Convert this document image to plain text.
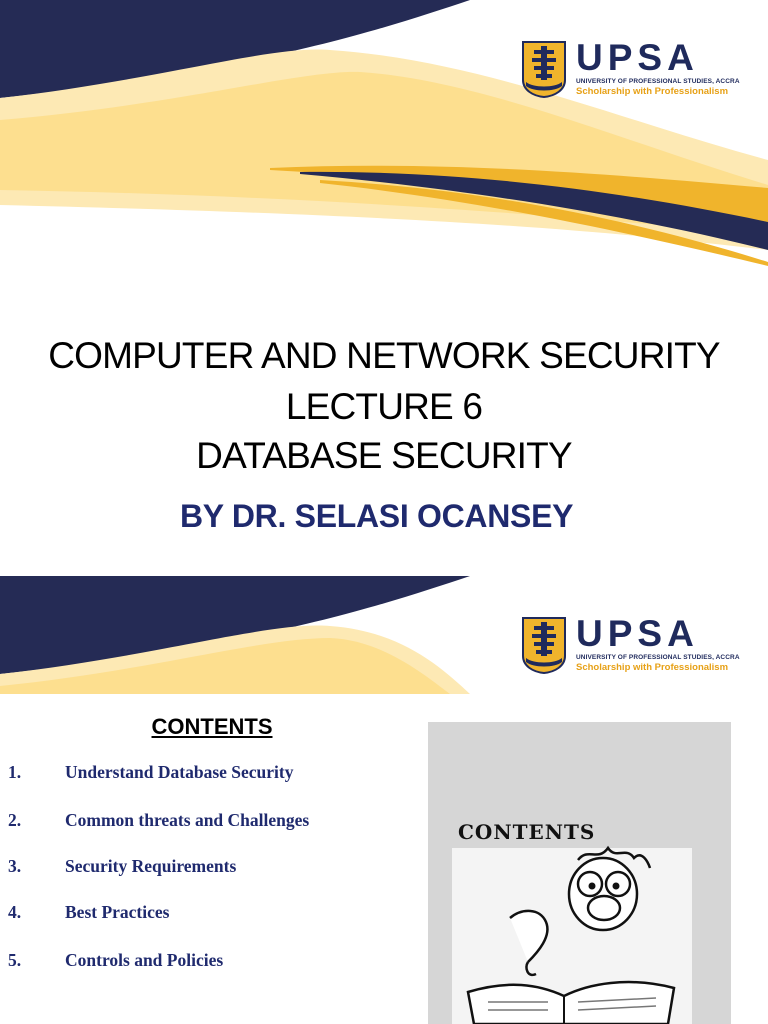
UPSA
UNIVERSITY OF PROFESSIONAL STUDIES, ACCRA
Scholarship with Professionalism
COMPUTER AND NETWORK SECURITY
LECTURE 6
DATABASE SECURITY
BY DR. SELASI OCANSEY
UPSA
UNIVERSITY OF PROFESSIONAL STUDIES, ACCRA
Scholarship with Professionalism
CONTENTS
1.	Understand Database Security
2.	Common threats and Challenges
3.	Security Requirements
4.	Best Practices
5.	Controls and Policies
CONTENTS
